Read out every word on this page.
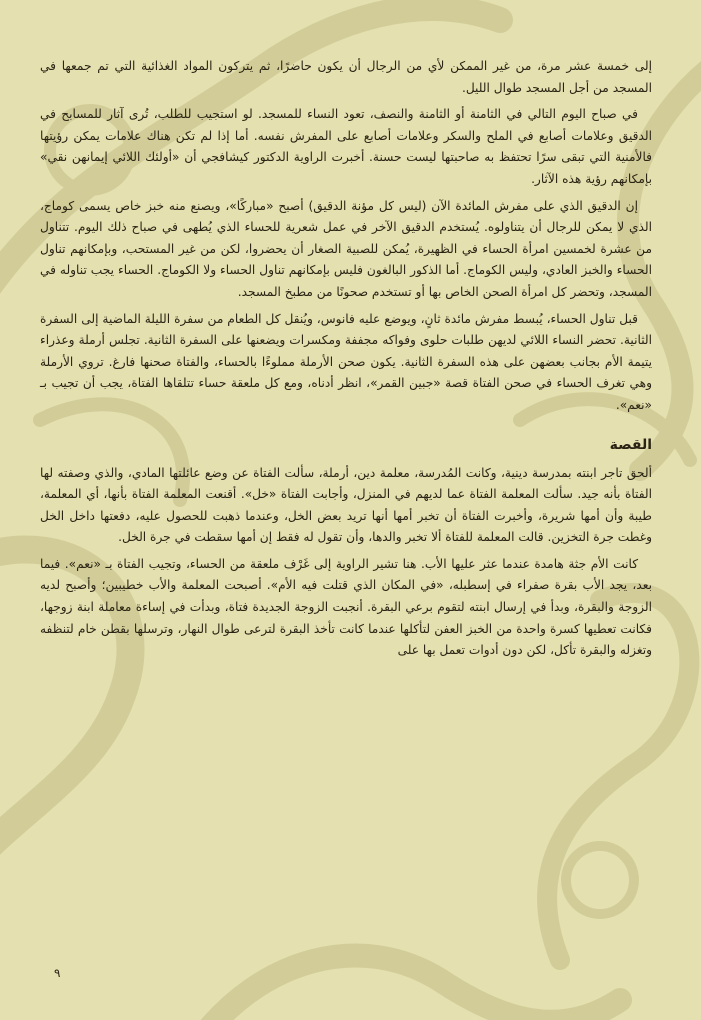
إلى خمسة عشر مرة، من غير الممكن لأي من الرجال أن يكون حاضرًا، ثم يتركون المواد الغذائية التي تم جمعها في المسجد من أجل المسجد طوال الليل.

في صباح اليوم التالي في الثامنة أو الثامنة والنصف، تعود النساء للمسجد. لو استجيب للطلب، تُرى آثار للمسابح في الدقيق وعلامات أصابع في الملح والسكر وعلامات أصابع على المفرش نفسه. أما إذا لم تكن هناك علامات يمكن رؤيتها فالأمنية التي تبقى سرًا تحتفظ به صاحبتها ليست حسنة. أخبرت الراوية الدكتور كيشافجي أن «أولئك اللائي إيمانهن نقي» بإمكانهم رؤية هذه الآثار.

إن الدقيق الذي على مفرش المائدة الآن (ليس كل مؤنة الدقيق) أصبح «مباركًا»، ويصنع منه خبز خاص يسمى كوماج، الذي لا يمكن للرجال أن يتناولوه. يُستخدم الدقيق الآخر في عمل شعرية للحساء الذي يُطهى في صباح ذلك اليوم. تتناول من عشرة لخمسين امرأة الحساء في الظهيرة، يُمكن للصبية الصغار أن يحضروا، لكن من غير المستحب، وبإمكانهم تناول الحساء والخبز العادي، وليس الكوماج. أما الذكور البالغون فليس بإمكانهم تناول الحساء ولا الكوماج. الحساء يجب تناوله في المسجد، وتحضر كل امرأة الصحن الخاص بها أو تستخدم صحونًا من مطبخ المسجد.

قبل تناول الحساء، يُبسط مفرش مائدة ثانٍ، ويوضع عليه فانوس، ويُنقل كل الطعام من سفرة الليلة الماضية إلى السفرة الثانية. تحضر النساء اللائي لديهن طلبات حلوى وفواكه مجففة ومكسرات ويضعنها على السفرة الثانية. تجلس أرملة وعذراء يتيمة الأم بجانب بعضهن على هذه السفرة الثانية. يكون صحن الأرملة مملوءًا بالحساء، والفتاة صحنها فارغ. تروي الأرملة وهي تغرف الحساء في صحن الفتاة قصة «جبين القمر»، انظر أدناه، ومع كل ملعقة حساء تتلقاها الفتاة، يجب أن تجيب بـ «نعم».

القصة

ألحق تاجر ابنته بمدرسة دينية، وكانت المُدرسة، معلمة دين، أرملة، سألت الفتاة عن وضع عائلتها المادي، والذي وصفته لها الفتاة بأنه جيد. سألت المعلمة الفتاة عما لديهم في المنزل، وأجابت الفتاة «خل». أقنعت المعلمة الفتاة بأنها، أي المعلمة، طيبة وأن أمها شريرة، وأخبرت الفتاة أن تخبر أمها أنها تريد بعض الخل، وعندما ذهبت للحصول عليه، دفعتها داخل الخل وغطت جرة التخزين. قالت المعلمة للفتاة ألا تخبر والدها، وأن تقول له فقط إن أمها سقطت في جرة الخل.

كانت الأم جثة هامدة عندما عثر عليها الأب. هنا تشير الراوية إلى غَرْف ملعقة من الحساء، وتجيب الفتاة بـ «نعم». فيما بعد، يجد الأب بقرة صفراء في إسطبله، «في المكان الذي قتلت فيه الأم». أصبحت المعلمة والأب خطيبين؛ وأصبح لديه الزوجة والبقرة، وبدأ في إرسال ابنته لتقوم برعي البقرة. أنجبت الزوجة الجديدة فتاة، وبدأت في إساءة معاملة ابنة زوجها، فكانت تعطيها كسرة واحدة من الخبز العفن لتأكلها عندما كانت تأخذ البقرة لترعى طوال النهار، وترسلها بقطن خام لتنظفه وتغزله والبقرة تأكل، لكن دون أدوات تعمل بها على

٩
